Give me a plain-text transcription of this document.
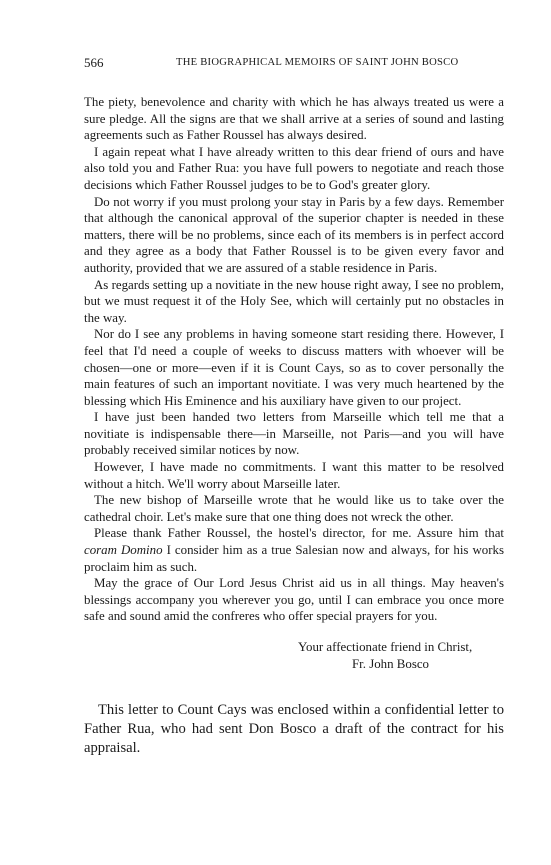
566	THE BIOGRAPHICAL MEMOIRS OF SAINT JOHN BOSCO

The piety, benevolence and charity with which he has always treated us were a sure pledge. All the signs are that we shall arrive at a series of sound and lasting agreements such as Father Roussel has always desired.

I again repeat what I have already written to this dear friend of ours and have also told you and Father Rua: you have full powers to negotiate and reach those decisions which Father Roussel judges to be to God's greater glory.

Do not worry if you must prolong your stay in Paris by a few days. Remember that although the canonical approval of the superior chapter is needed in these matters, there will be no problems, since each of its members is in perfect accord and they agree as a body that Father Roussel is to be given every favor and authority, provided that we are assured of a stable residence in Paris.

As regards setting up a novitiate in the new house right away, I see no problem, but we must request it of the Holy See, which will certainly put no obstacles in the way.

Nor do I see any problems in having someone start residing there. However, I feel that I'd need a couple of weeks to discuss matters with whoever will be chosen—one or more—even if it is Count Cays, so as to cover personally the main features of such an important novitiate. I was very much heartened by the blessing which His Eminence and his auxiliary have given to our project.

I have just been handed two letters from Marseille which tell me that a novitiate is indispensable there—in Marseille, not Paris—and you will have probably received similar notices by now.

However, I have made no commitments. I want this matter to be resolved without a hitch. We'll worry about Marseille later.

The new bishop of Marseille wrote that he would like us to take over the cathedral choir. Let's make sure that one thing does not wreck the other.

Please thank Father Roussel, the hostel's director, for me. Assure him that coram Domino I consider him as a true Salesian now and always, for his works proclaim him as such.

May the grace of Our Lord Jesus Christ aid us in all things. May heaven's blessings accompany you wherever you go, until I can embrace you once more safe and sound amid the confreres who offer special prayers for you.

Your affectionate friend in Christ,
Fr. John Bosco

This letter to Count Cays was enclosed within a confidential letter to Father Rua, who had sent Don Bosco a draft of the contract for his appraisal.
